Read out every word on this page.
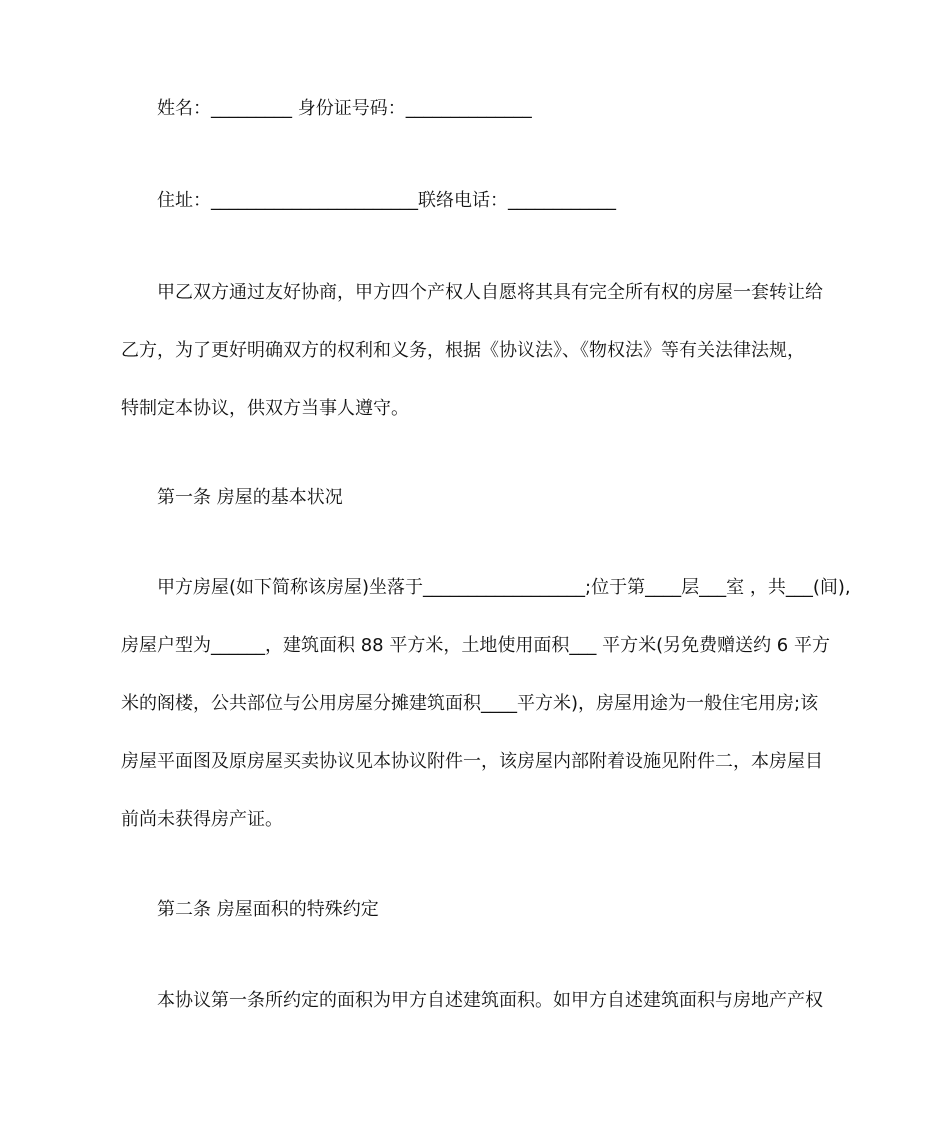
姓名：_________ 身份证号码：______________
住址：_______________________联络电话：____________
甲乙双方通过友好协商，甲方四个产权人自愿将其具有完全所有权的房屋一套转让给
乙方，为了更好明确双方的权利和义务，根据《协议法》、《物权法》等有关法律法规，
特制定本协议，供双方当事人遵守。
第一条 房屋的基本状况
甲方房屋(如下简称该房屋)坐落于__________________;位于第____层___室 ，共___(间),
房屋户型为______，建筑面积 88 平方米，土地使用面积___ 平方米(另免费赠送约 6 平方
米的阁楼，公共部位与公用房屋分摊建筑面积____平方米)，房屋用途为一般住宅用房;该
房屋平面图及原房屋买卖协议见本协议附件一，该房屋内部附着设施见附件二，本房屋目
前尚未获得房产证。
第二条 房屋面积的特殊约定
本协议第一条所约定的面积为甲方自述建筑面积。如甲方自述建筑面积与房地产产权
